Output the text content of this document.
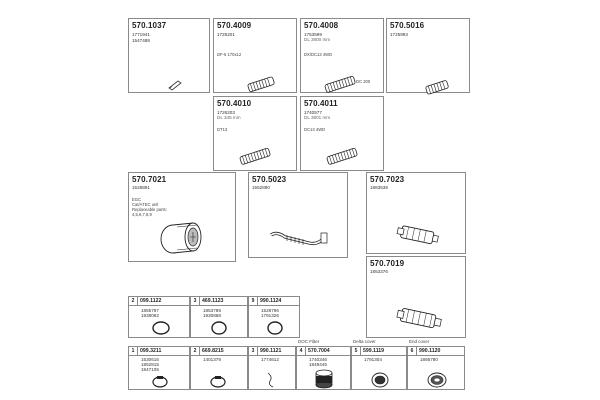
570.1037
1771941
1547488
570.4009
1726201
DF-5 170x12
570.4008
1753599
DL 3800 mm
DX/DC13 4WD
DC 200
570.5016
1725993
570.4010
1726203
DL 345 mm
DT13
570.4011
1740577
DL 3801 mm
DC13 4WD
570.7021
1528891
EGC
Cat/ATEC unit
Replaceable parts:
4,5,6,7,8,9
570.5023
1552890
570.7023
1883538
570.7019
1853376
2	099.1122
1855797
1938062
3	469.1123
1853789
1930868
9	990.1124
1528796
1791326
DOC Filter	Delta cover	End cover
1	099.3211
1530616
1852815
1947105
2	669.8215
1401379
3	990.1121
1774612
4	570.7004
1740346
1849445
5	599.1119
1791304
6	990.1120
1866780
